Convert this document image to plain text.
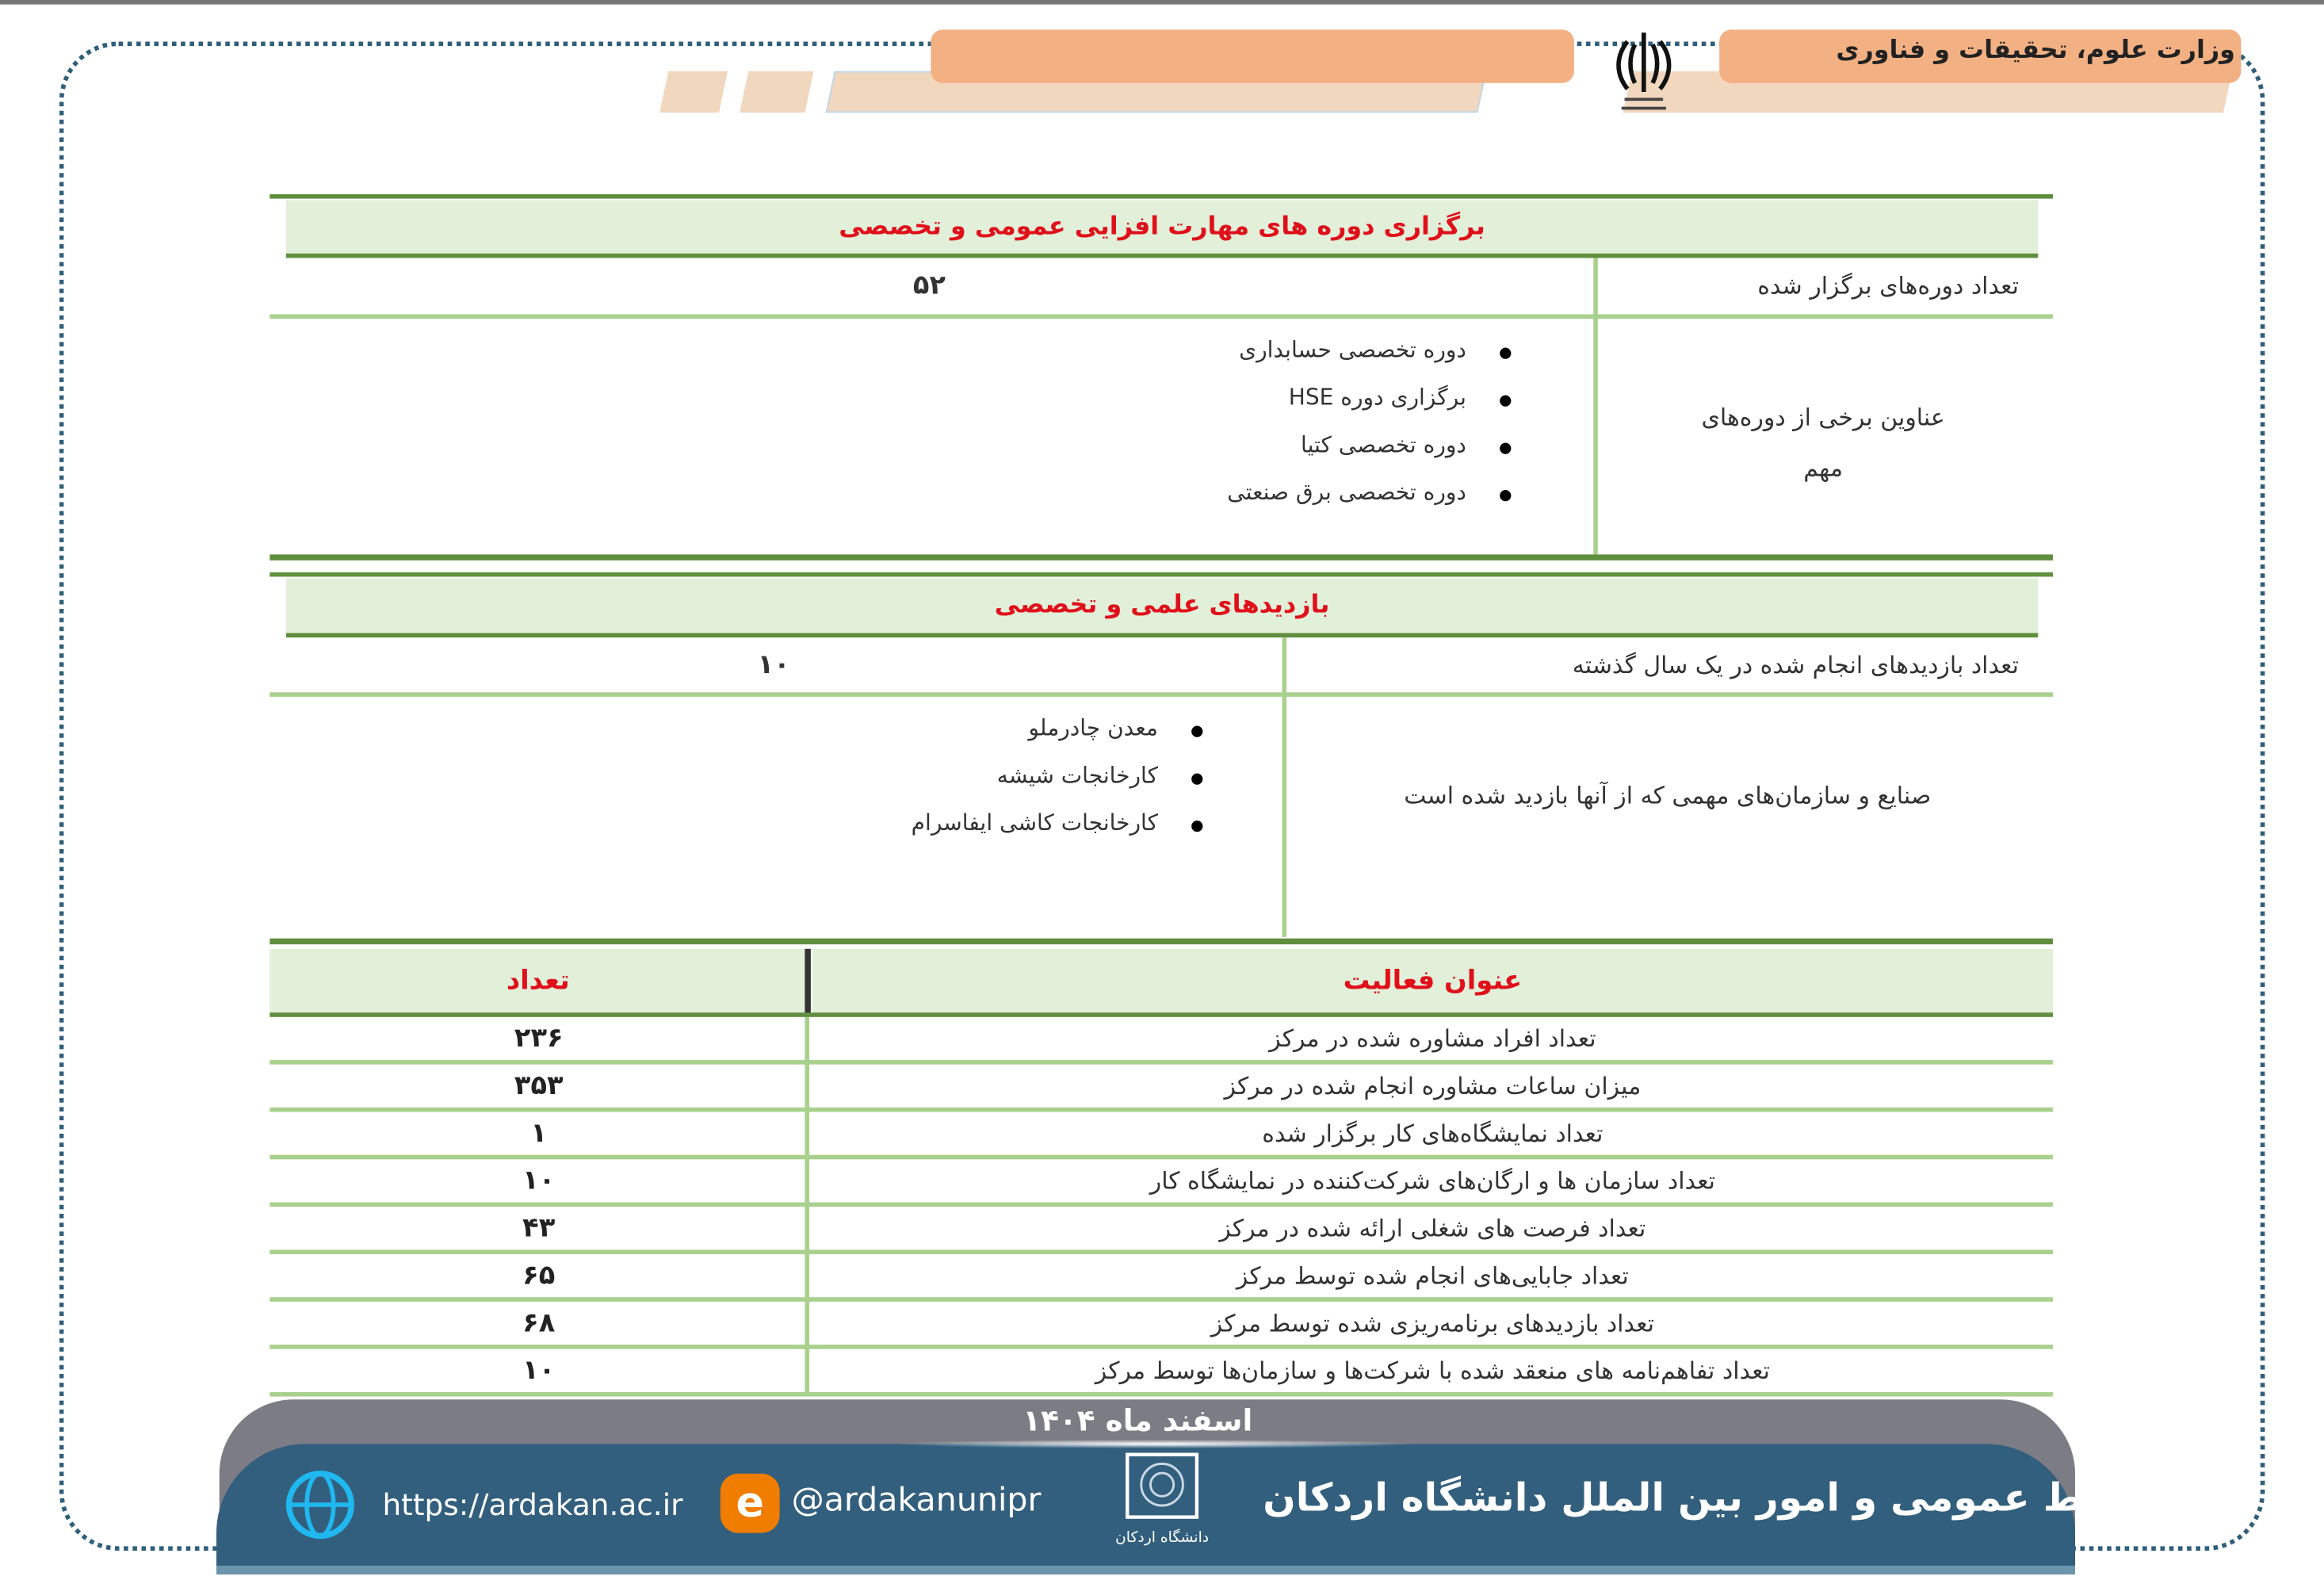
وزارت علوم، تحقیقات و فناوری
برگزاری دوره های مهارت افزایی عمومی و تخصصی
تعداد دوره‌های برگزار شده
۵۲
● دوره تخصصی حسابداری
● برگزاری دوره HSE
● دوره تخصصی کتیا
● دوره تخصصی برق صنعتی
عناوین برخی از دوره‌های مهم
بازدیدهای علمی و تخصصی
تعداد بازدیدهای انجام شده در یک سال گذشته
۱۰
● معدن چادرملو
● کارخانجات شیشه
● کارخانجات کاشی ایفاسرام
صنایع و سازمان‌های مهمی که از آنها بازدید شده است
عنوان فعالیت
تعداد
تعداد افراد مشاوره شده در مرکز
۲۳۶
میزان ساعات مشاوره انجام شده در مرکز
۳۵۳
تعداد نمایشگاه‌های کار برگزار شده
۱
تعداد سازمان ها و ارگان‌های شرکت‌کننده در نمایشگاه کار
۱۰
تعداد فرصت های شغلی ارائه شده در مرکز
۴۳
تعداد جابایی‌های انجام شده توسط مرکز
۶۵
تعداد بازدیدهای برنامه‌ریزی شده توسط مرکز
۶۸
تعداد تفاهم‌نامه های منعقد شده با شرکت‌ها و سازمان‌ها توسط مرکز
۱۰
اسفند ماه ۱۴۰۴
روابط عمومی و امور بین الملل دانشگاه اردکان
دانشگاه اردکان
e	@ardakanunipr
https://ardakan.ac.ir
